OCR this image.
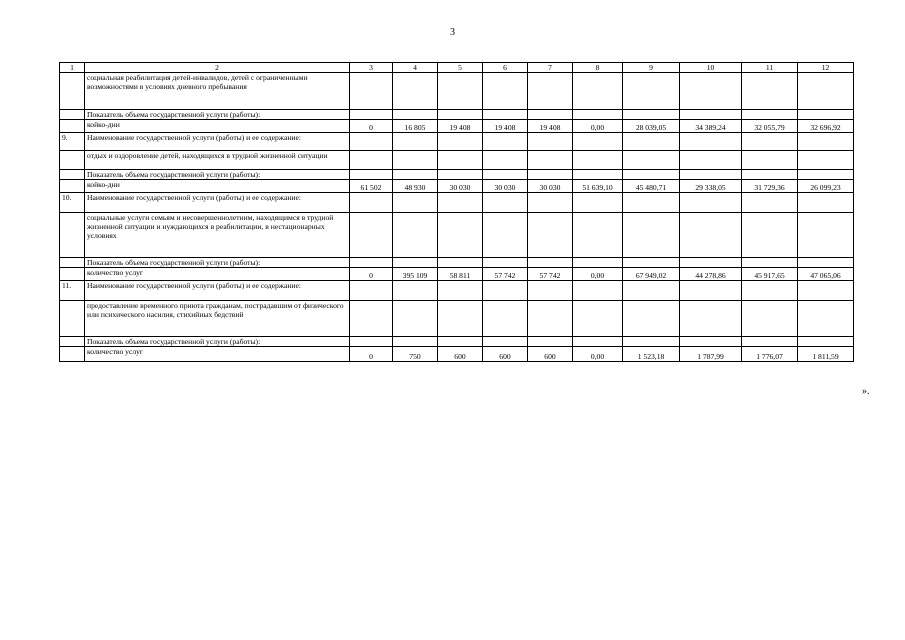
3
1	2	3	4	5	6	7	8	9	10	11	12
	социальная реабилитация детей-инвалидов, детей с ограниченными возможностями в условиях дневного пребывания										
	Показатель объема государственной услуги (работы):										
	койко-дни	0	16 805	19 408	19 408	19 408	0,00	28 039,05	34 389,24	32 055,79	32 696,92
9.	Наименование государственной услуги (работы) и ее содержание:										
	отдых и оздоровление детей, находящихся в трудной жизненной ситуации										
	Показатель объема государственной услуги (работы):										
	койко-дни	61 502	48 930	30 030	30 030	30 030	51 639,10	45 480,71	29 338,05	31 729,36	26 099,23
10.	Наименование государственной услуги (работы) и ее содержание:										
	социальные услуги семьям и несовершеннолетним, находящимся в трудной жизненной ситуации и нуждающихся в реабилитации, в нестационарных условиях										
	Показатель объема государственной услуги (работы):										
	количество услуг	0	395 109	58 811	57 742	57 742	0,00	67 949,02	44 278,86	45 917,65	47 065,06
11.	Наименование государственной услуги (работы) и ее содержание:										
	предоставление временного приюта гражданам, пострадавшим от физического или психического насилия, стихийных бедствий										
	Показатель объема государственной услуги (работы):										
	количество услуг	0	750	600	600	600	0,00	1 523,18	1 787,99	1 776,07	1 811,59
».
